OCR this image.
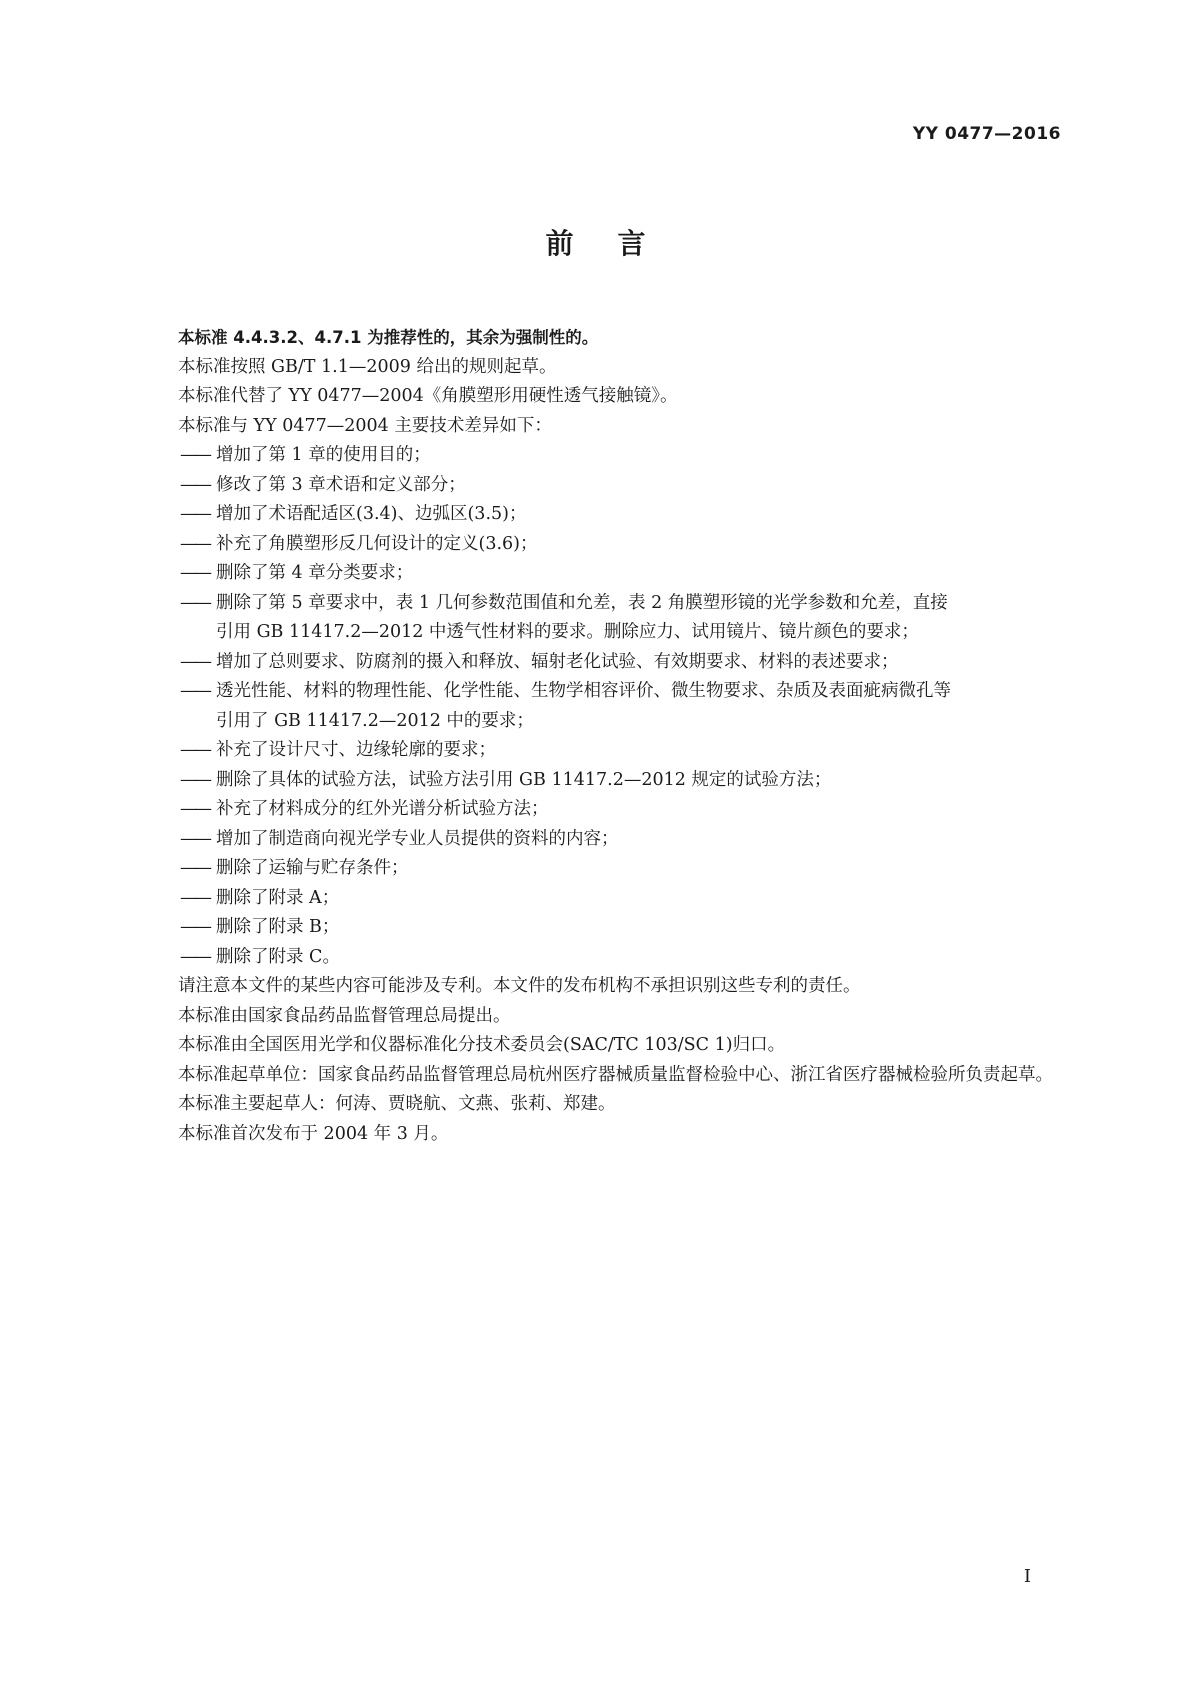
YY 0477—2016
前言
本标准 4.4.3.2、4.7.1 为推荐性的，其余为强制性的。
本标准按照 GB/T 1.1—2009 给出的规则起草。
本标准代替了 YY 0477—2004《角膜塑形用硬性透气接触镜》。
本标准与 YY 0477—2004 主要技术差异如下：
—— 增加了第 1 章的使用目的；
—— 修改了第 3 章术语和定义部分；
—— 增加了术语配适区(3.4)、边弧区(3.5)；
—— 补充了角膜塑形反几何设计的定义(3.6)；
—— 删除了第 4 章分类要求；
—— 删除了第 5 章要求中，表 1 几何参数范围值和允差，表 2 角膜塑形镜的光学参数和允差，直接
引用 GB 11417.2—2012 中透气性材料的要求。删除应力、试用镜片、镜片颜色的要求；
—— 增加了总则要求、防腐剂的摄入和释放、辐射老化试验、有效期要求、材料的表述要求；
—— 透光性能、材料的物理性能、化学性能、生物学相容评价、微生物要求、杂质及表面疵病微孔等
引用了 GB 11417.2—2012 中的要求；
—— 补充了设计尺寸、边缘轮廓的要求；
—— 删除了具体的试验方法，试验方法引用 GB 11417.2—2012 规定的试验方法；
—— 补充了材料成分的红外光谱分析试验方法；
—— 增加了制造商向视光学专业人员提供的资料的内容；
—— 删除了运输与贮存条件；
—— 删除了附录 A；
—— 删除了附录 B；
—— 删除了附录 C。
请注意本文件的某些内容可能涉及专利。本文件的发布机构不承担识别这些专利的责任。
本标准由国家食品药品监督管理总局提出。
本标准由全国医用光学和仪器标准化分技术委员会(SAC/TC 103/SC 1)归口。
本标准起草单位：国家食品药品监督管理总局杭州医疗器械质量监督检验中心、浙江省医疗器械检验所负责起草。
本标准主要起草人：何涛、贾晓航、文燕、张莉、郑建。
本标准首次发布于 2004 年 3 月。
I
